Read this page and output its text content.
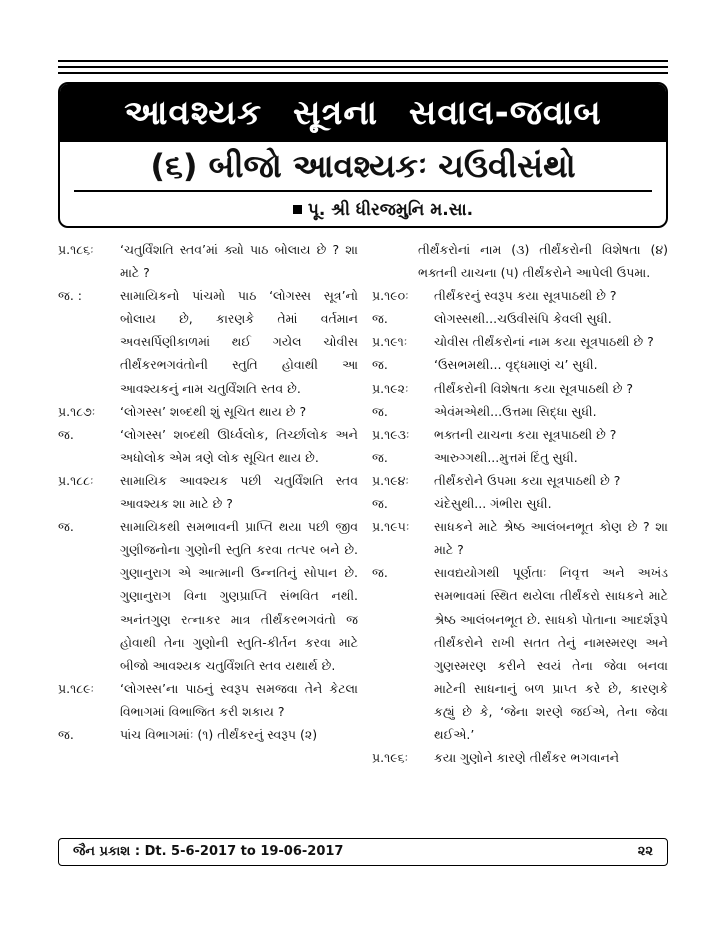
આવશ્યક સૂત્રના સવાલ-જવાબ
(૬) બીજો આવશ્યકઃ ચઉવીસંથો
પૂ. શ્રી ધીરજમુનિ મ.સા.
પ્ર.૧૮૬ઃ	‘ચતુર્વિંશતિ સ્તવ’માં ક્યો પાઠ બોલાય છે ? શા માટે ?
જ. :	સામાયિકનો પાંચમો પાઠ ‘લોગસ્સ સૂત્ર’નો બોલાય છે, કારણકે તેમાં વર્તમાન અવસર્પિણીકાળમાં થઈ ગયેલ ચોવીસ તીર્થંકરભગવંતોની સ્તુતિ હોવાથી આ આવશ્યકનું નામ ચતુર્વિંશતિ સ્તવ છે.
પ્ર.૧૮૭ઃ	‘લોગસ્સ’ શબ્દથી શું સૂચિત થાય છે ?
જ.	‘લોગસ્સ’ શબ્દથી ઊર્ધ્વલોક, તિર્ચ્છાલોક અને અધોલોક એમ ત્રણે લોક સૂચિત થાય છે.
પ્ર.૧૮૮ઃ	સામાયિક આવશ્યક પછી ચતુર્વિંશતિ સ્તવ આવશ્યક શા માટે છે ?
જ.	સામાયિકથી સમભાવની પ્રાપ્તિ થયા પછી જીવ ગુણીજનોના ગુણોની સ્તુતિ કરવા તત્પર બને છે. ગુણાનુરાગ એ આત્માની ઉન્નતિનું સોપાન છે. ગુણાનુરાગ વિના ગુણપ્રાપ્તિ સંભવિત નથી. અનંતગુણ રત્નાકર માત્ર તીર્થંકરભગવંતો જ હોવાથી તેના ગુણોની સ્તુતિ-કીર્તન કરવા માટે બીજો આવશ્યક ચતુર્વિંશતિ સ્તવ યથાર્થ છે.
પ્ર.૧૮૯ઃ	‘લોગસ્સ’ના પાઠનું સ્વરૂપ સમજવા તેને કેટલા વિભાગમાં વિભાજિત કરી શકાય ?
જ.	પાંચ વિભાગમાંઃ (૧) તીર્થંકરનું સ્વરૂપ (૨)
તીર્થંકરોનાં નામ (૩) તીર્થંકરોની વિશેષતા (૪) ભક્તની યાચના (૫) તીર્થંકરોને આપેલી ઉપમા.
પ્ર.૧૯૦ઃ	તીર્થંકરનું સ્વરૂપ કયા સૂત્રપાઠથી છે ?
જ.	લોગસ્સથી...ચઉવીસંપિ કેવલી સુધી.
પ્ર.૧૯૧ઃ	ચોવીસ તીર્થંકરોનાં નામ કયા સૂત્રપાઠથી છે ?
જ.	‘ઉસભમથી... વૃદ્ધમાણં ચ’ સુધી.
પ્ર.૧૯૨ઃ	તીર્થંકરોની વિશેષતા કયા સૂત્રપાઠથી છે ?
જ.	એવંમએથી...ઉત્તમા સિદ્ધા સુધી.
પ્ર.૧૯૩ઃ	ભક્તની યાચના કયા સૂત્રપાઠથી છે ?
જ.	આરુગ્ગથી...મુત્તમં દિંતુ સુધી.
પ્ર.૧૯૪ઃ	તીર્થંકરોને ઉપમા કયા સૂત્રપાઠથી છે ?
જ.	ચંદેસુથી... ગંભીરા સુધી.
પ્ર.૧૯૫ઃ	સાધકને માટે શ્રેષ્ઠ આલંબનભૂત કોણ છે ? શા માટે ?
જ.	સાવદ્યયોગથી પૂર્ણતાઃ નિવૃત્ત અને અખંડ સમભાવમાં સ્થિત થયેલા તીર્થંકરો સાધકને માટે શ્રેષ્ઠ આલંબનભૂત છે. સાધકો પોતાના આદર્શરૂપે તીર્થંકરોને રાખી સતત તેનું નામસ્મરણ અને ગુણસ્મરણ કરીને સ્વયં તેના જેવા બનવા માટેની સાધનાનું બળ પ્રાપ્ત કરે છે, કારણકે કહ્યું છે કે, ‘જેના શરણે જઈએ, તેના જેવા થઈએ.’
પ્ર.૧૯૬ઃ	કયા ગુણોને કારણે તીર્થંકર ભગવાનને
જૈન પ્રકાશ : Dt. 5-6-2017 to 19-06-2017	૨૨
